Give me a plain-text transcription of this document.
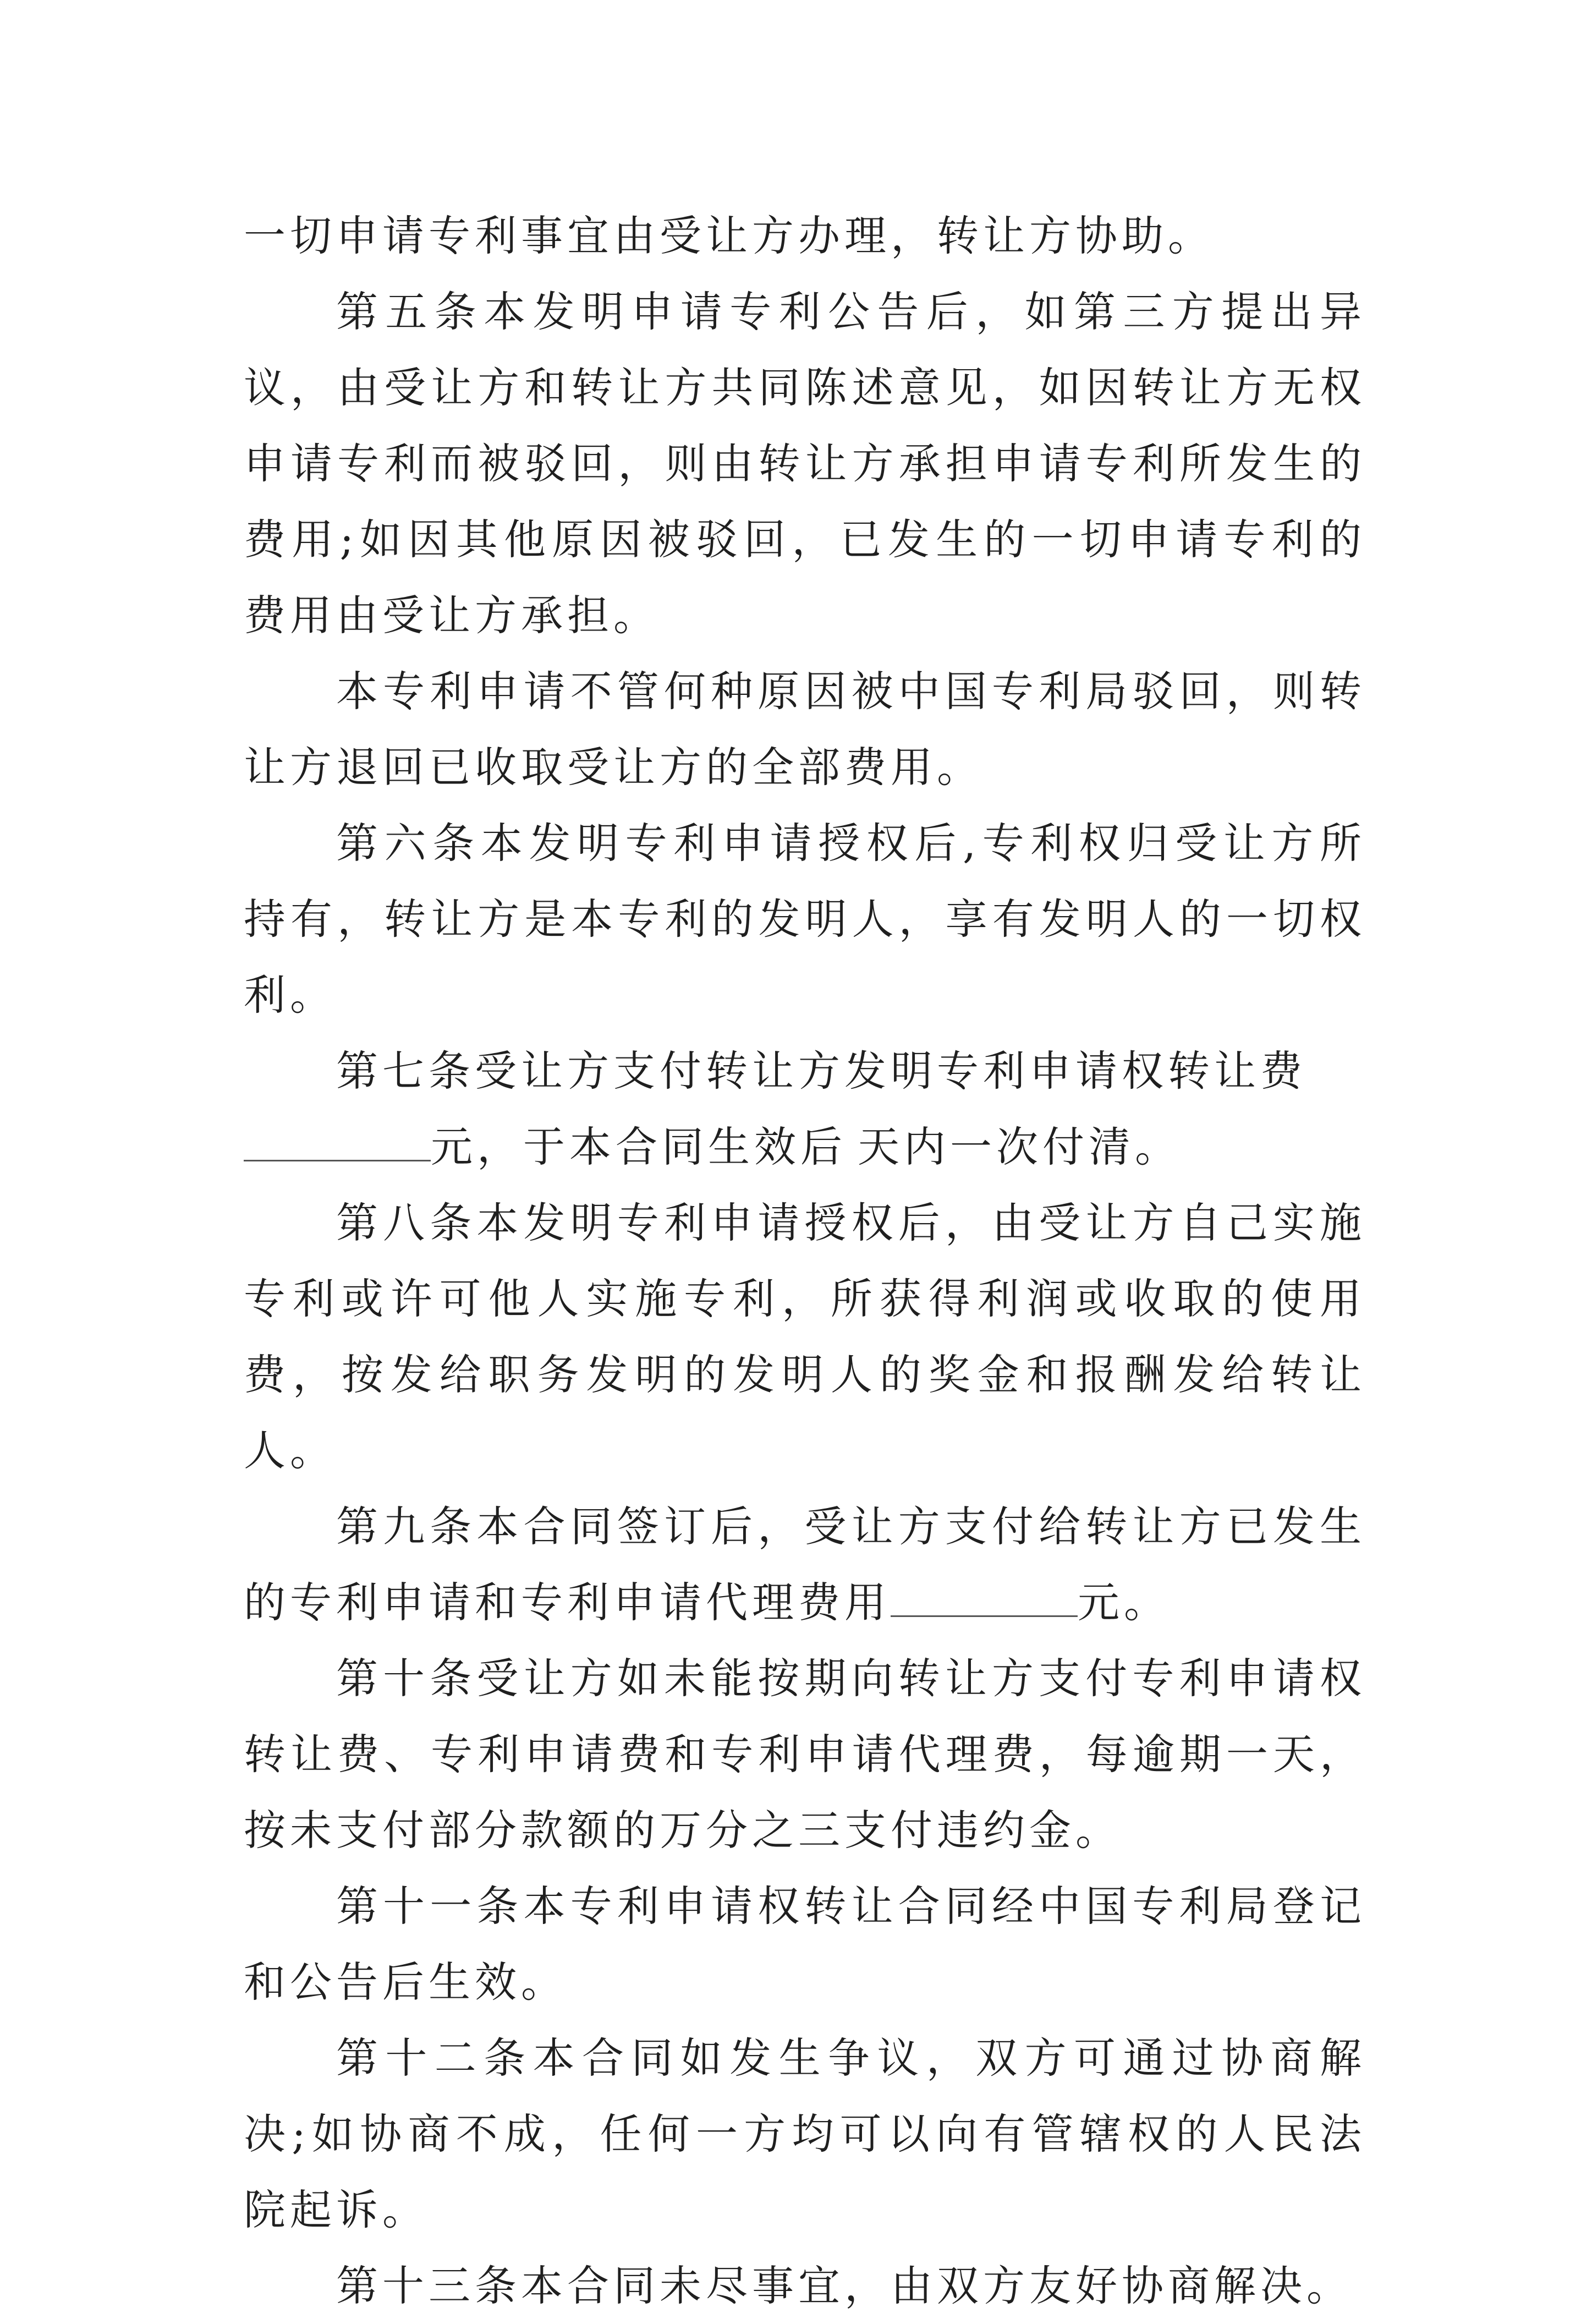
一切申请专利事宜由受让方办理，转让方协助。

第五条本发明申请专利公告后，如第三方提出异议，由受让方和转让方共同陈述意见，如因转让方无权申请专利而被驳回，则由转让方承担申请专利所发生的费用;如因其他原因被驳回，已发生的一切申请专利的费用由受让方承担。

本专利申请不管何种原因被中国专利局驳回，则转让方退回已收取受让方的全部费用。

第六条本发明专利申请授权后,专利权归受让方所持有，转让方是本专利的发明人，享有发明人的一切权利。

第七条受让方支付转让方发明专利申请权转让费
元，于本合同生效后 天内一次付清。

第八条本发明专利申请授权后，由受让方自己实施专利或许可他人实施专利，所获得利润或收取的使用费，按发给职务发明的发明人的奖金和报酬发给转让人。

第九条本合同签订后，受让方支付给转让方已发生的专利申请和专利申请代理费用	元。

第十条受让方如未能按期向转让方支付专利申请权转让费、专利申请费和专利申请代理费，每逾期一天，按未支付部分款额的万分之三支付违约金。

第十一条本专利申请权转让合同经中国专利局登记和公告后生效。

第十二条本合同如发生争议，双方可通过协商解决;如协商不成，任何一方均可以向有管辖权的人民法院起诉。

第十三条本合同未尽事宜，由双方友好协商解决。
